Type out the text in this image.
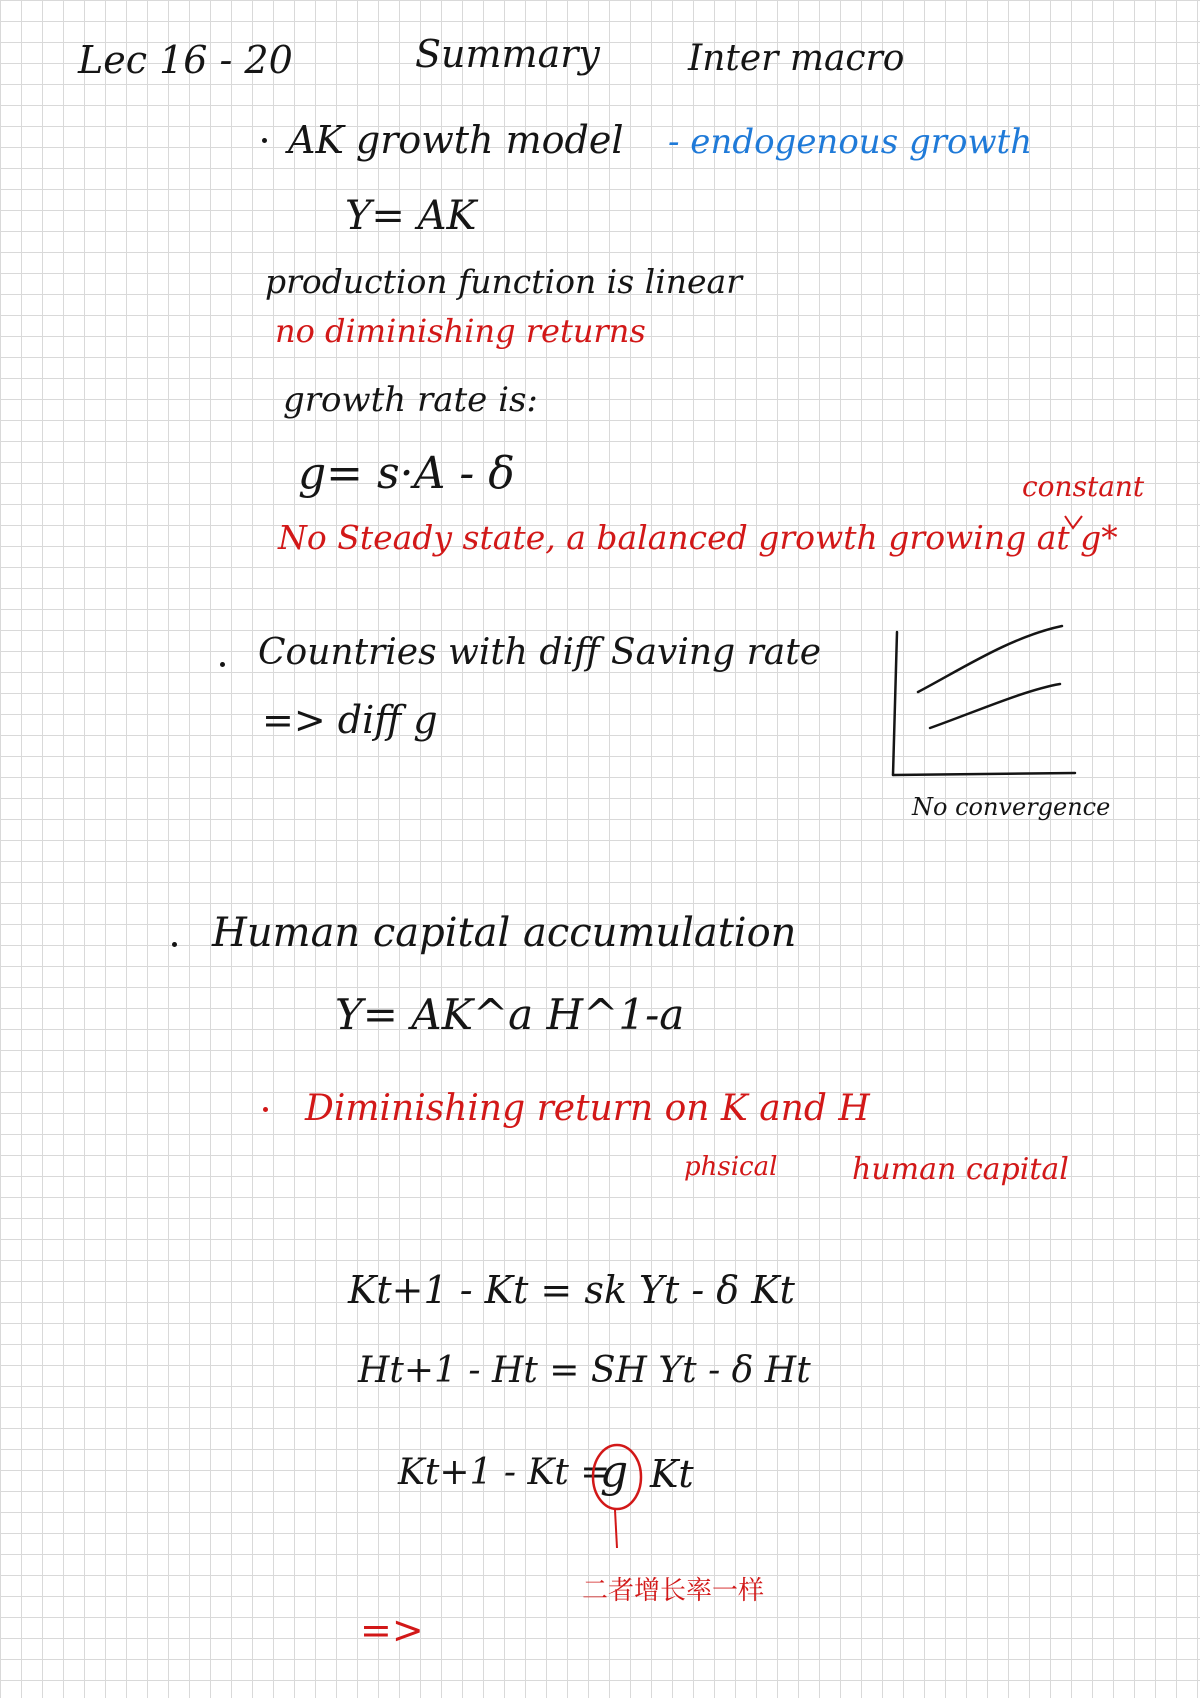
Lec 16 - 20	Summary Inter macro
AK growth model - endogenous growth
Y= AK
production function is linear
no diminishing returns
growth rate is:
g= s·A - δ	constant
No Steady state, a balanced growth growing at g*
Countries with diff Saving rate
=> diff g
No convergence
Human capital accumulation
Y= AK^a H^1-a
Diminishing return on K and H
phsical human capital
Kt+1 - Kt = sk Yt - δ Kt
Ht+1 - Ht = SH Yt - δ Ht
Kt+1 - Kt =
g Kt
二者增长率一样
=>
